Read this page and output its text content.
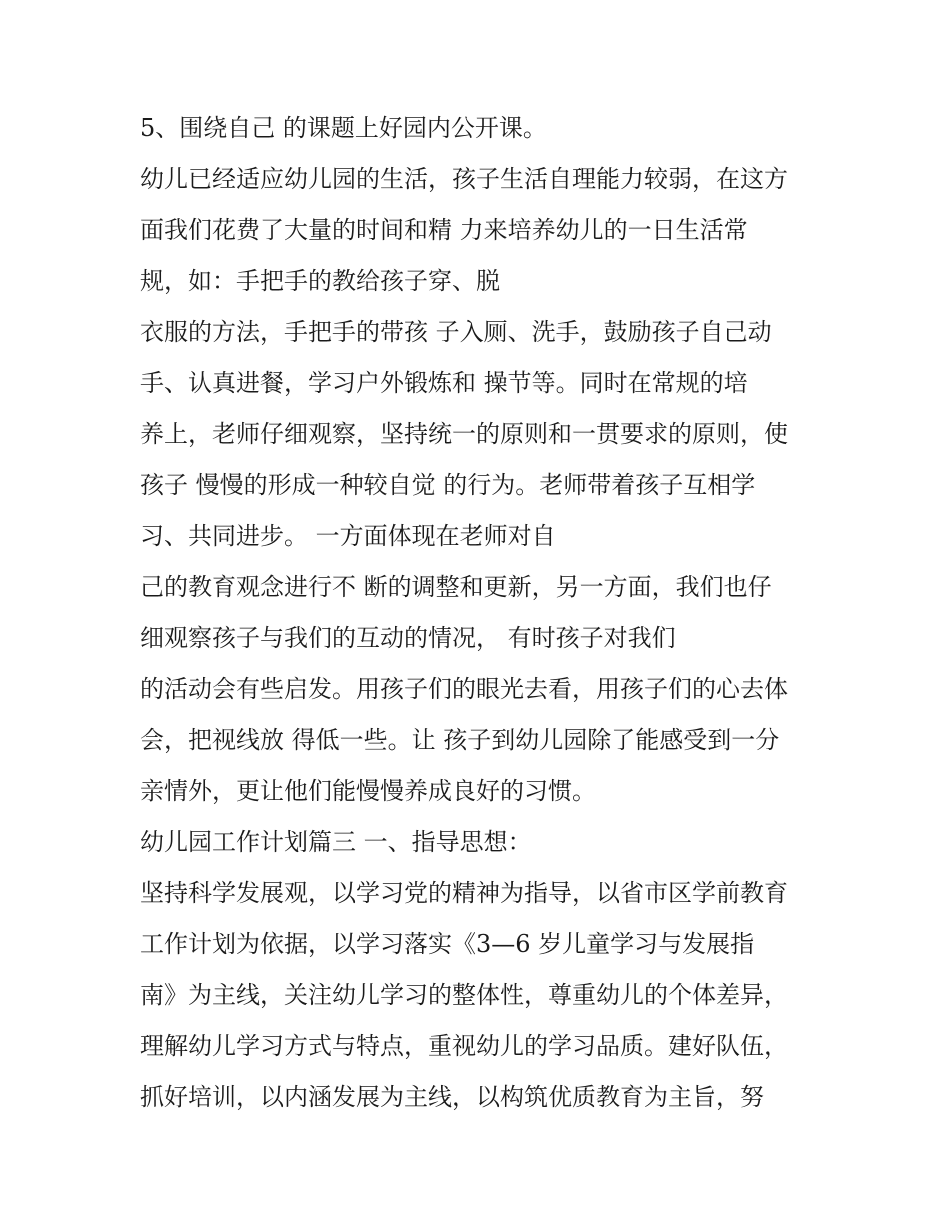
5、围绕自己 的课题上好园内公开课。
幼儿已经适应幼儿园的生活，孩子生活自理能力较弱，在这方
面我们花费了大量的时间和精 力来培养幼儿的一日生活常
规，如：手把手的教给孩子穿、脱
衣服的方法，手把手的带孩 子入厕、洗手，鼓励孩子自己动
手、认真进餐，学习户外锻炼和 操节等。同时在常规的培
养上，老师仔细观察，坚持统一的原则和一贯要求的原则，使
孩子 慢慢的形成一种较自觉 的行为。老师带着孩子互相学
习、共同进步。 一方面体现在老师对自
己的教育观念进行不 断的调整和更新，另一方面，我们也仔
细观察孩子与我们的互动的情况， 有时孩子对我们
的活动会有些启发。用孩子们的眼光去看，用孩子们的心去体
会，把视线放 得低一些。让 孩子到幼儿园除了能感受到一分
亲情外，更让他们能慢慢养成良好的习惯。
幼儿园工作计划篇三 一、指导思想：
坚持科学发展观，以学习党的精神为指导，以省市区学前教育
工作计划为依据，以学习落实《3—6 岁儿童学习与发展指
南》为主线，关注幼儿学习的整体性，尊重幼儿的个体差异，
理解幼儿学习方式与特点，重视幼儿的学习品质。建好队伍，
抓好培训，以内涵发展为主线，以构筑优质教育为主旨，努
